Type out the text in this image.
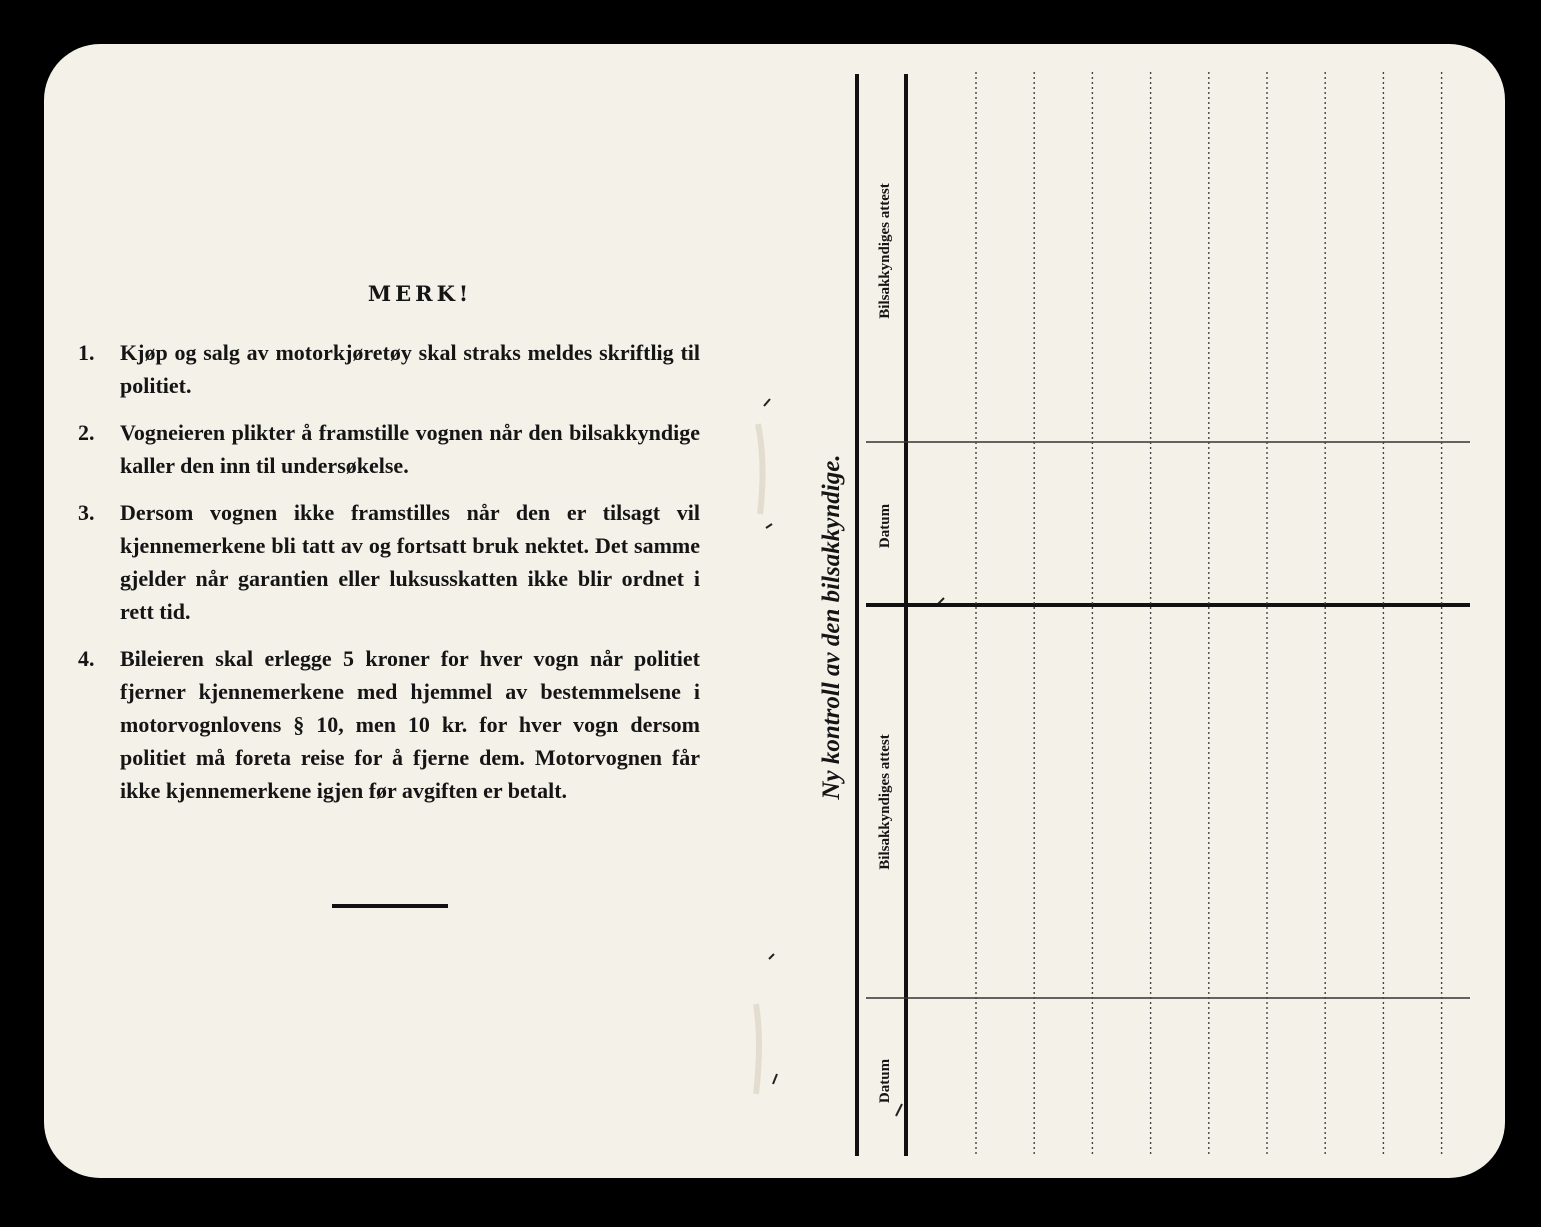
MERK!
1.	Kjøp og salg av motorkjøretøy skal straks meldes skriftlig til politiet.
2.	Vogneieren plikter å framstille vognen når den bilsakkyndige kaller den inn til undersøkelse.
3.	Dersom vognen ikke framstilles når den er tilsagt vil kjennemerkene bli tatt av og fortsatt bruk nektet. Det samme gjelder når garantien eller luksusskatten ikke blir ordnet i rett tid.
4.	Bileieren skal erlegge 5 kroner for hver vogn når politiet fjerner kjennemerkene med hjemmel av bestemmelsene i motorvognlovens § 10, men 10 kr. for hver vogn dersom politiet må foreta reise for å fjerne dem. Motorvognen får ikke kjennemerkene igjen før avgiften er betalt.	Ny kontroll av den bilsakkyndige.
Bilsakkyndiges attest
Datum
Bilsakkyndiges attest
Datum
